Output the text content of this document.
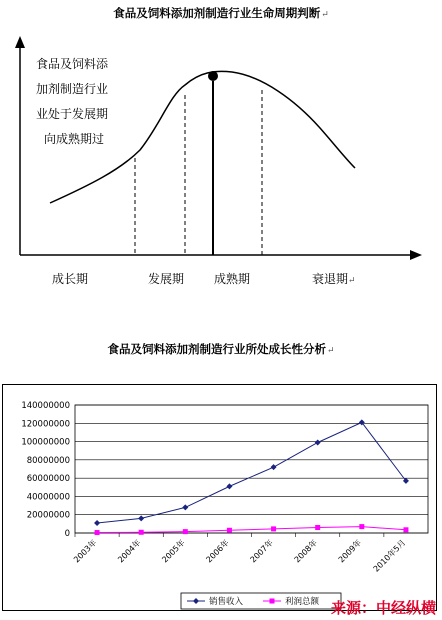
食品及饲料添加剂制造行业生命周期判断↵
食品及饲料添
加剂制造行业
业处于发展期
向成熟期过
成长期	发展期 成熟期	衰退期↵
食品及饲料添加剂制造行业所处成长性分析↵
0
20000000
40000000
60000000
80000000
100000000
120000000
140000000
2003年 2004年 2005年 2006年 2007年 2008年 2009年 2010年5月
销售收入	利润总额 来源：中经纵横
